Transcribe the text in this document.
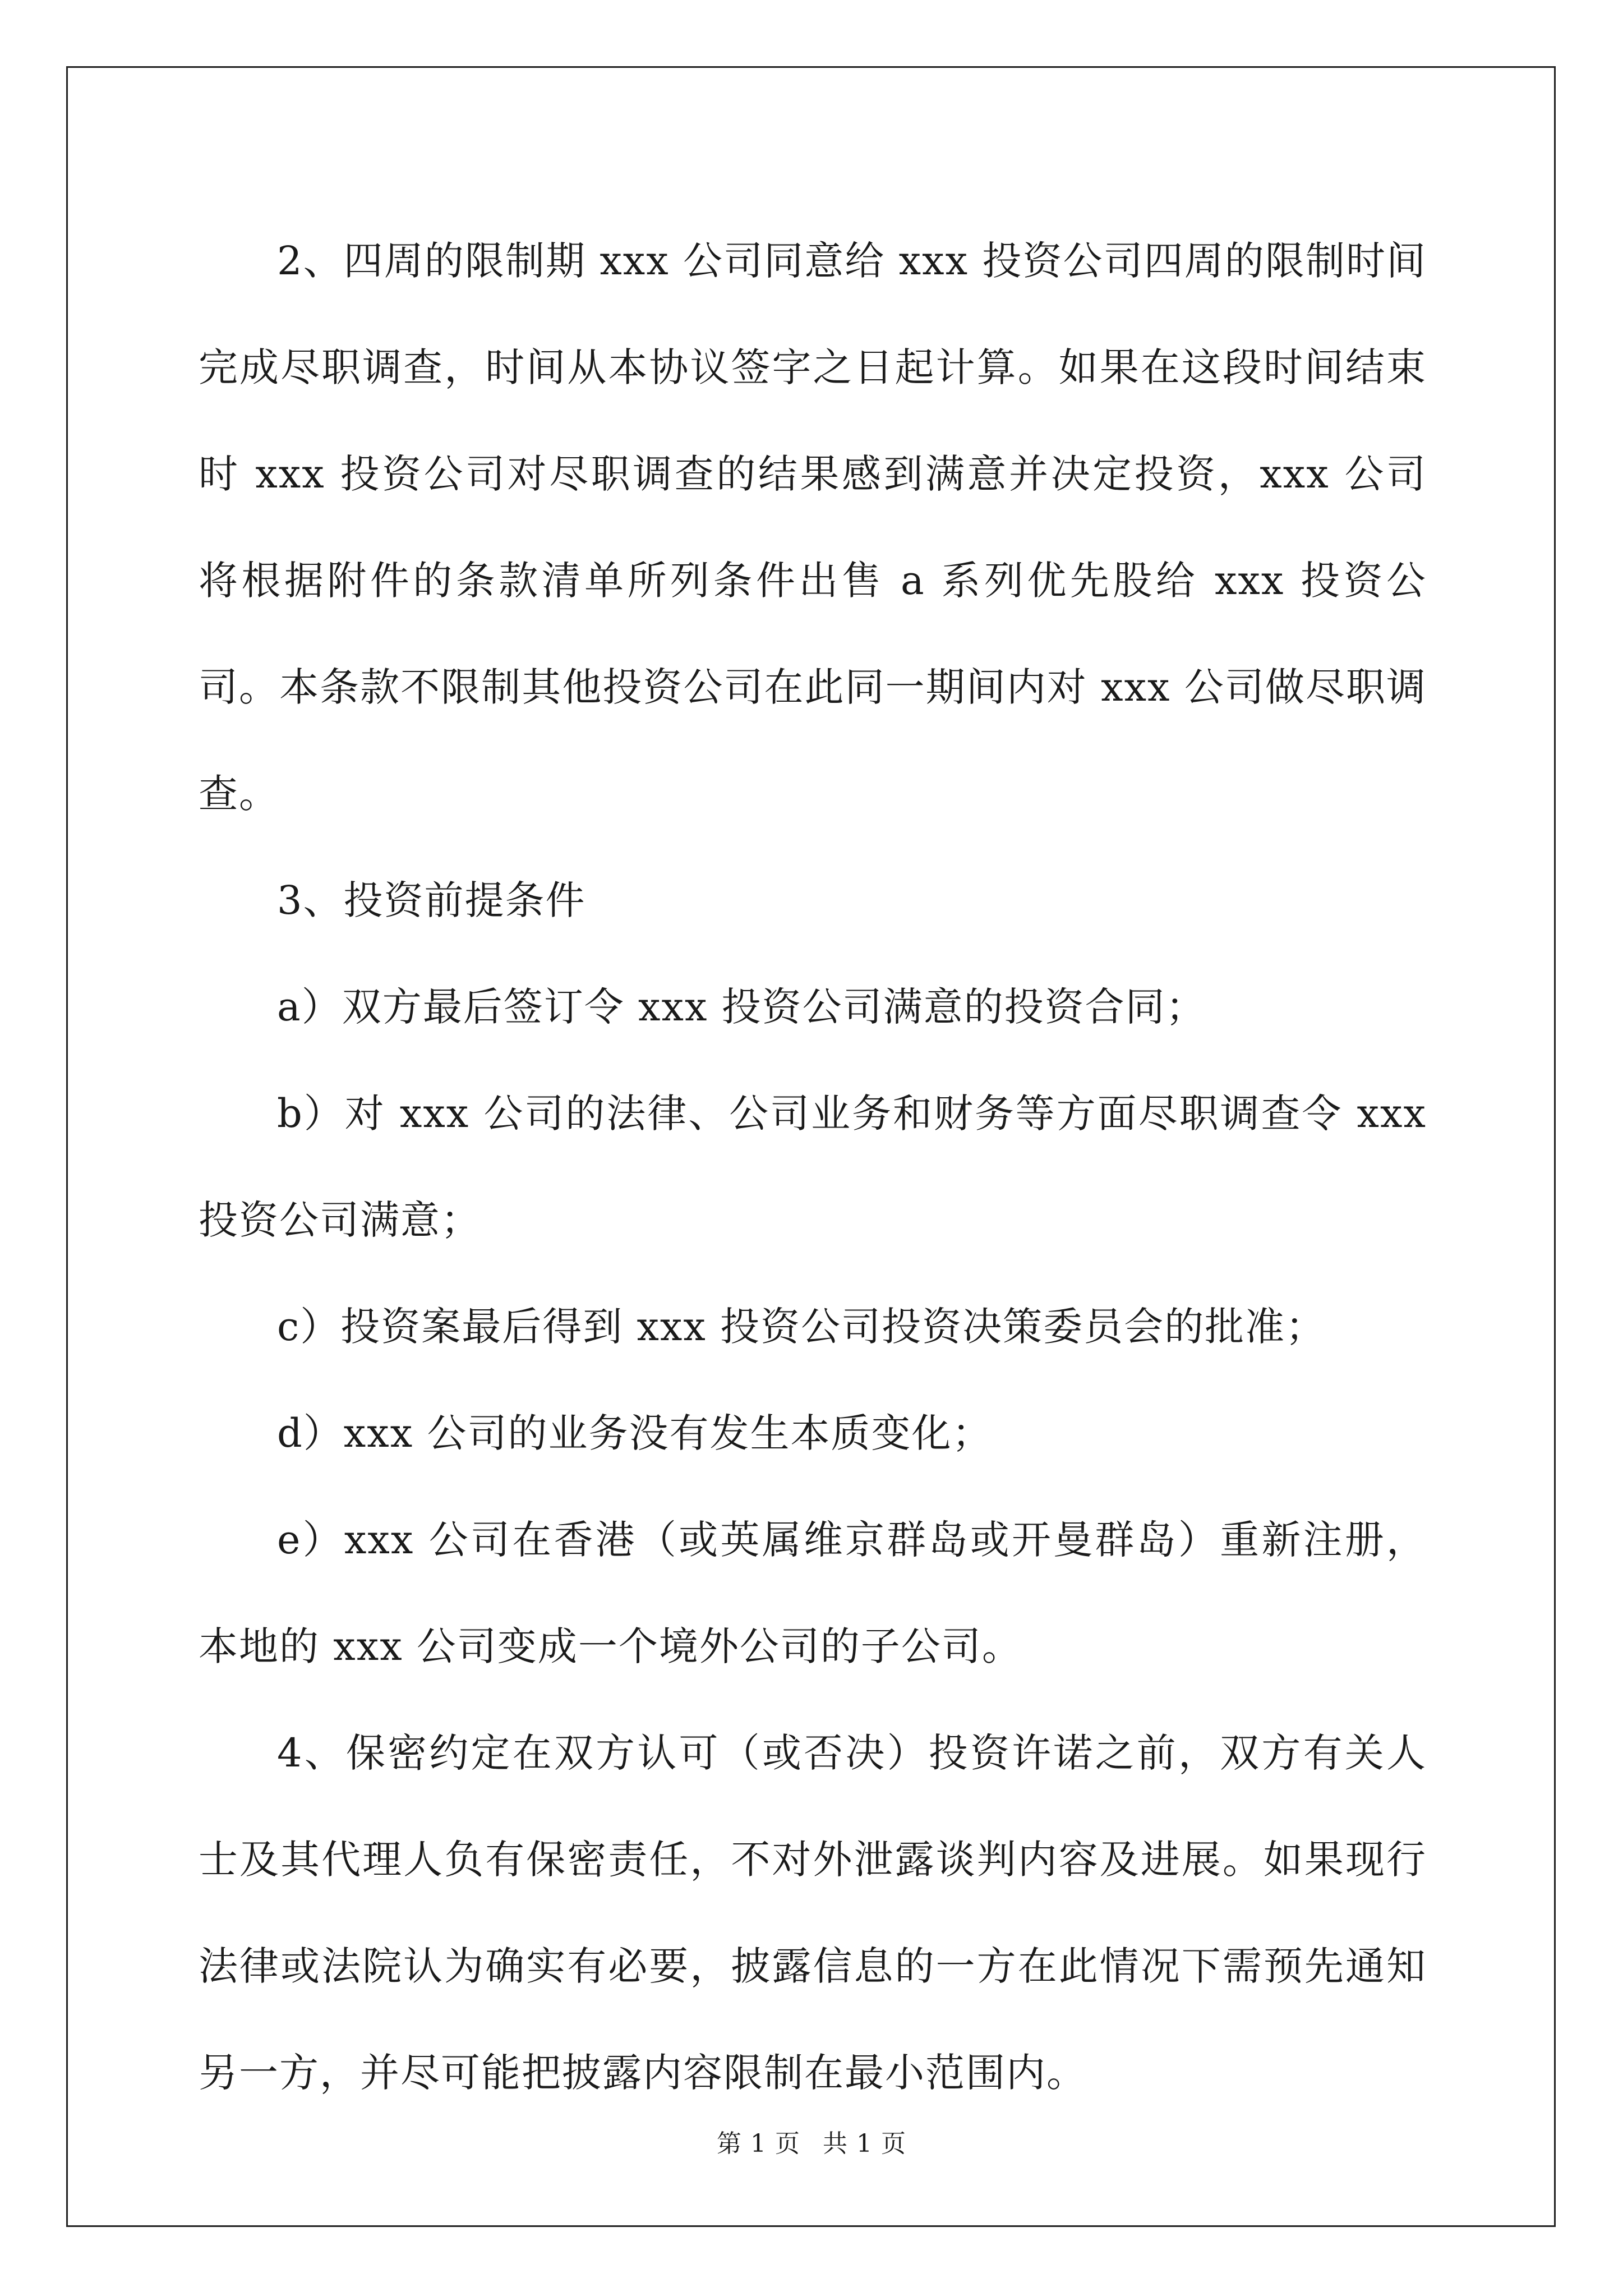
2、四周的限制期 xxx 公司同意给 xxx 投资公司四周的限制时间完成尽职调查，时间从本协议签字之日起计算。如果在这段时间结束时 xxx 投资公司对尽职调查的结果感到满意并决定投资，xxx 公司将根据附件的条款清单所列条件出售 a 系列优先股给 xxx 投资公司。本条款不限制其他投资公司在此同一期间内对 xxx 公司做尽职调查。

3、投资前提条件

a）双方最后签订令 xxx 投资公司满意的投资合同；

b）对 xxx 公司的法律、公司业务和财务等方面尽职调查令 xxx 投资公司满意；

c）投资案最后得到 xxx 投资公司投资决策委员会的批准；

d）xxx 公司的业务没有发生本质变化；

e）xxx 公司在香港（或英属维京群岛或开曼群岛）重新注册，本地的 xxx 公司变成一个境外公司的子公司。

4、保密约定在双方认可（或否决）投资许诺之前，双方有关人士及其代理人负有保密责任，不对外泄露谈判内容及进展。如果现行法律或法院认为确实有必要，披露信息的一方在此情况下需预先通知另一方，并尽可能把披露内容限制在最小范围内。

第 1 页 共 1 页
